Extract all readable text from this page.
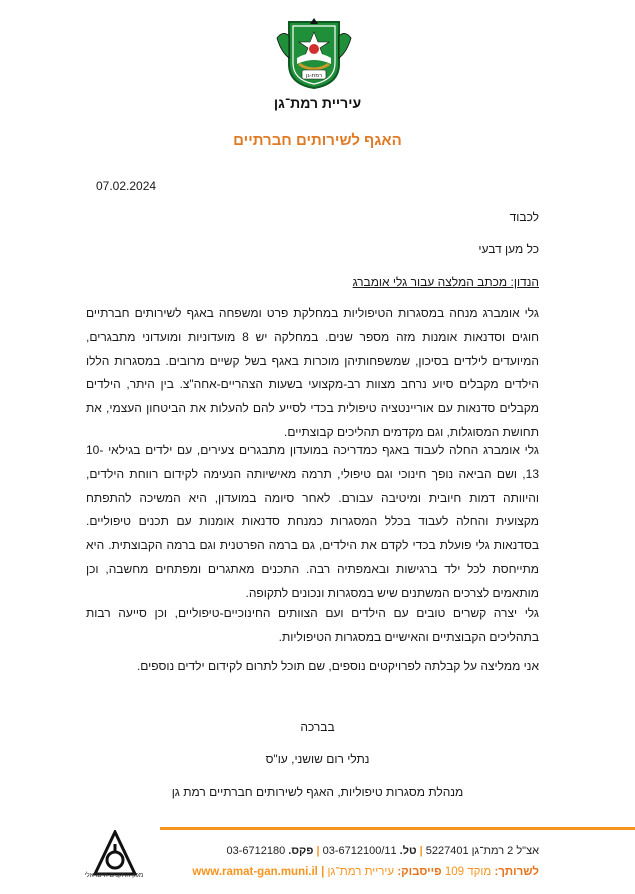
רמת-גן
עיריית רמת־גן
האגף לשירותים חברתיים
07.02.2024
לכבוד
כל מען דבעי
הנדון: מכתב המלצה עבור גלי אומברג

גלי אומברג מנחה במסגרות הטיפוליות במחלקת פרט ומשפחה באגף לשירותים חברתיים חוגים וסדנאות אומנות מזה מספר שנים. במחלקה יש 8 מועדוניות ומועדוני מתבגרים, המיועדים לילדים בסיכון, שמשפחותיהן מוכרות באגף בשל קשיים מרובים. במסגרות הללו הילדים מקבלים סיוע נרחב מצוות רב-מקצועי בשעות הצהריים-אחה"צ. בין היתר, הילדים מקבלים סדנאות עם אוריינטציה טיפולית בכדי לסייע להם להעלות את הביטחון העצמי, את תחושת המסוגלות, וגם מקדמים תהליכים קבוצתיים.

גלי אומברג החלה לעבוד באגף כמדריכה במועדון מתבגרים צעירים, עם ילדים בגילאי 10-13, ושם הביאה נופך חינוכי וגם טיפולי, תרמה מאישיותה הנעימה לקידום רווחת הילדים, והיוותה דמות חיובית ומיטיבה עבורם. לאחר סיומה במועדון, היא המשיכה להתפתח מקצועית והחלה לעבוד בכלל המסגרות כמנחת סדנאות אומנות עם תכנים טיפוליים. בסדנאות גלי פועלת בכדי לקדם את הילדים, גם ברמה הפרטנית וגם ברמה הקבוצתית. היא מתייחסת לכל ילד ברגישות ובאמפתיה רבה. התכנים מאתגרים ומפתחים מחשבה, וכן מותאמים לצרכים המשתנים שיש במסגרות ונכונים לתקופה.

גלי יצרה קשרים טובים עם הילדים ועם הצוותים החינוכיים-טיפוליים, וכן סייעה רבות בתהליכים הקבוצתיים והאישיים במסגרות הטיפוליות.

אני ממליצה על קבלתה לפרויקטים נוספים, שם תוכל לתרום לקידום ילדים נוספים.

בברכה
נתלי רום שושני, עו"ס
מנהלת מסגרות טיפוליות, האגף לשירותים חברתיים רמת גן
אצ"ל 2 רמת־גן 5227401 | טל. 03-6712100/11 | פקס. 03-6712180
לשרותך: מוקד 109 פייסבוק: עיריית רמת־גן | www.ramat-gan.muni.il
מכון התקנים הישראלי
